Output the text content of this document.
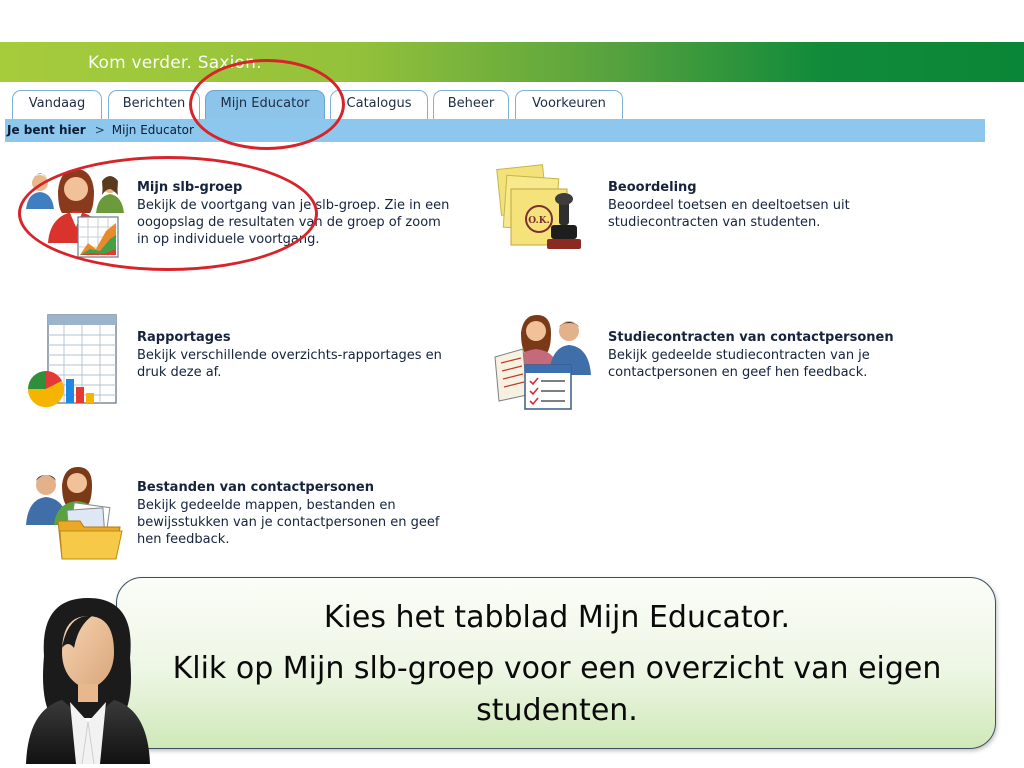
Kom verder. Saxion.
Vandaag	Berichten	Mijn Educator	Catalogus	Beheer	Voorkeuren
Je bent hier > Mijn Educator
Mijn slb-groep
Bekijk de voortgang van je slb-groep. Zie in een oogopslag de resultaten van de groep of zoom in op individuele voortgang.
O.K.
Beoordeling
Beoordeel toetsen en deeltoetsen uit studiecontracten van studenten.
Rapportages
Bekijk verschillende overzichts-rapportages en druk deze af.
Studiecontracten van contactpersonen
Bekijk gedeelde studiecontracten van je contactpersonen en geef hen feedback.
Bestanden van contactpersonen
Bekijk gedeelde mappen, bestanden en bewijsstukken van je contactpersonen en geef hen feedback.
Kies het tabblad Mijn Educator.
Klik op Mijn slb-groep voor een overzicht van eigen studenten.
